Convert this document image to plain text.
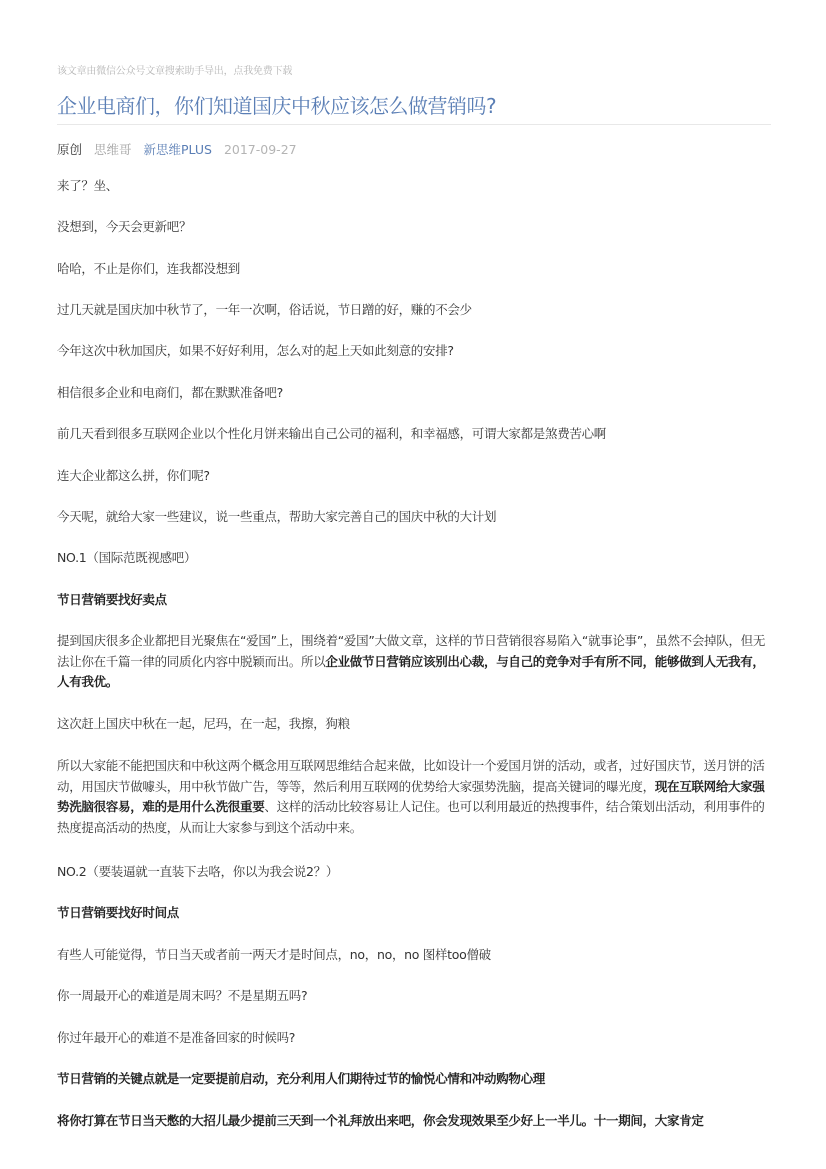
该文章由微信公众号文章搜索助手导出，点我免费下载
企业电商们，你们知道国庆中秋应该怎么做营销吗?
原创 思维哥 新思维PLUS 2017-09-27
来了？坐、
没想到，今天会更新吧？
哈哈，不止是你们，连我都没想到
过几天就是国庆加中秋节了，一年一次啊，俗话说，节日蹭的好，赚的不会少
今年这次中秋加国庆，如果不好好利用，怎么对的起上天如此刻意的安排?
相信很多企业和电商们，都在默默准备吧?
前几天看到很多互联网企业以个性化月饼来输出自己公司的福利，和幸福感，可谓大家都是煞费苦心啊
连大企业都这么拼，你们呢?
今天呢，就给大家一些建议，说一些重点，帮助大家完善自己的国庆中秋的大计划
NO.1（国际范既视感吧）
节日营销要找好卖点
提到国庆很多企业都把目光聚焦在“爱国”上，围绕着“爱国”大做文章，这样的节日营销很容易陷入“就事论事”，虽然不会掉队，但无法让你在千篇一律的同质化内容中脱颖而出。所以企业做节日营销应该别出心裁，与自己的竞争对手有所不同，能够做到人无我有，人有我优。
这次赶上国庆中秋在一起，尼玛，在一起，我擦，狗粮
所以大家能不能把国庆和中秋这两个概念用互联网思维结合起来做，比如设计一个爱国月饼的活动，或者，过好国庆节，送月饼的活动，用国庆节做噱头，用中秋节做广告，等等，然后利用互联网的优势给大家强势洗脑，提高关键词的曝光度，现在互联网给大家强势洗脑很容易，难的是用什么洗很重要、这样的活动比较容易让人记住。也可以利用最近的热搜事件，结合策划出活动，利用事件的热度提高活动的热度，从而让大家参与到这个活动中来。
NO.2（要装逼就一直装下去咯，你以为我会说2？）
节日营销要找好时间点
有些人可能觉得，节日当天或者前一两天才是时间点，no，no，no 图样too僧破
你一周最开心的难道是周末吗？不是星期五吗?
你过年最开心的难道不是准备回家的时候吗?
节日营销的关键点就是一定要提前启动，充分利用人们期待过节的愉悦心情和冲动购物心理
将你打算在节日当天憋的大招儿最少提前三天到一个礼拜放出来吧，你会发现效果至少好上一半儿。十一期间，大家肯定
